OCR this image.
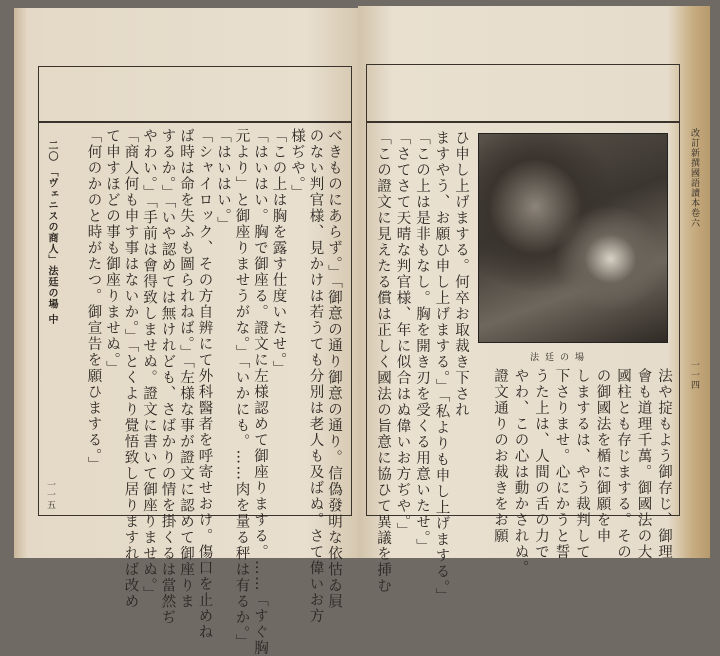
二〇 「ヴェニスの商人」法廷の場 中
一一五	べきものにあらず。」「御意の通り御意の通り。信偽發明な依怙ゐ屓
のない判官様、見かけは若うても分別は老人も及ばぬ。さて偉いお方
様ぢや。」
「この上は胸を露す仕度いたせ。」
「はいはい。胸で御座る。證文に左様認めて御座りまする。……「すぐ胸
元より」と御座りませうがな。」「いかにも。……肉を量る秤は有るか。」
「はいはい。」
「シャイロック、その方自辨にて外科醫者を呼寄せおけ。傷口を止めね
ば時は命を失ふも圖られねば。」「左様な事が證文に認めて御座りま
するか。」「いや認めては無けれども、さばかりの情を掛くるは當然ぢ
やわい。」「手前は會得致しませぬ。證文に書いて御座りませぬ。」
「商人何も申す事はないか。」「とくより覺悟致し居りますれば改め
て申すほどの事も御座りませぬ。」
「何のかのと時がたつ。御宣告を願ひまする。」	改訂新撰國語讀本卷六
一一四
法廷の場
法や掟もよう御存じ、御理
會も道理千萬。御國法の大
國柱とも存じまする。その
の御國法を楯に御願を申
しまするは、やう裁判して
下さりませ。心にかうと誓
うた上は、人間の舌の力で
やわ、この心は動かされぬ。
證文通りのお裁きをお願
ひ申し上げまする。何卒お取裁き下され
ますやう、お願ひ申し上げまする。」「私よりも申し上げまする。」
「この上は是非もなし。胸を開き刃を受くる用意いたせ。」
「さてさて天晴な判官様、年に似合はぬ偉いお方ぢや。」
「この證文に見えたる償は正しく國法の旨意に協ひて異議を挿む
